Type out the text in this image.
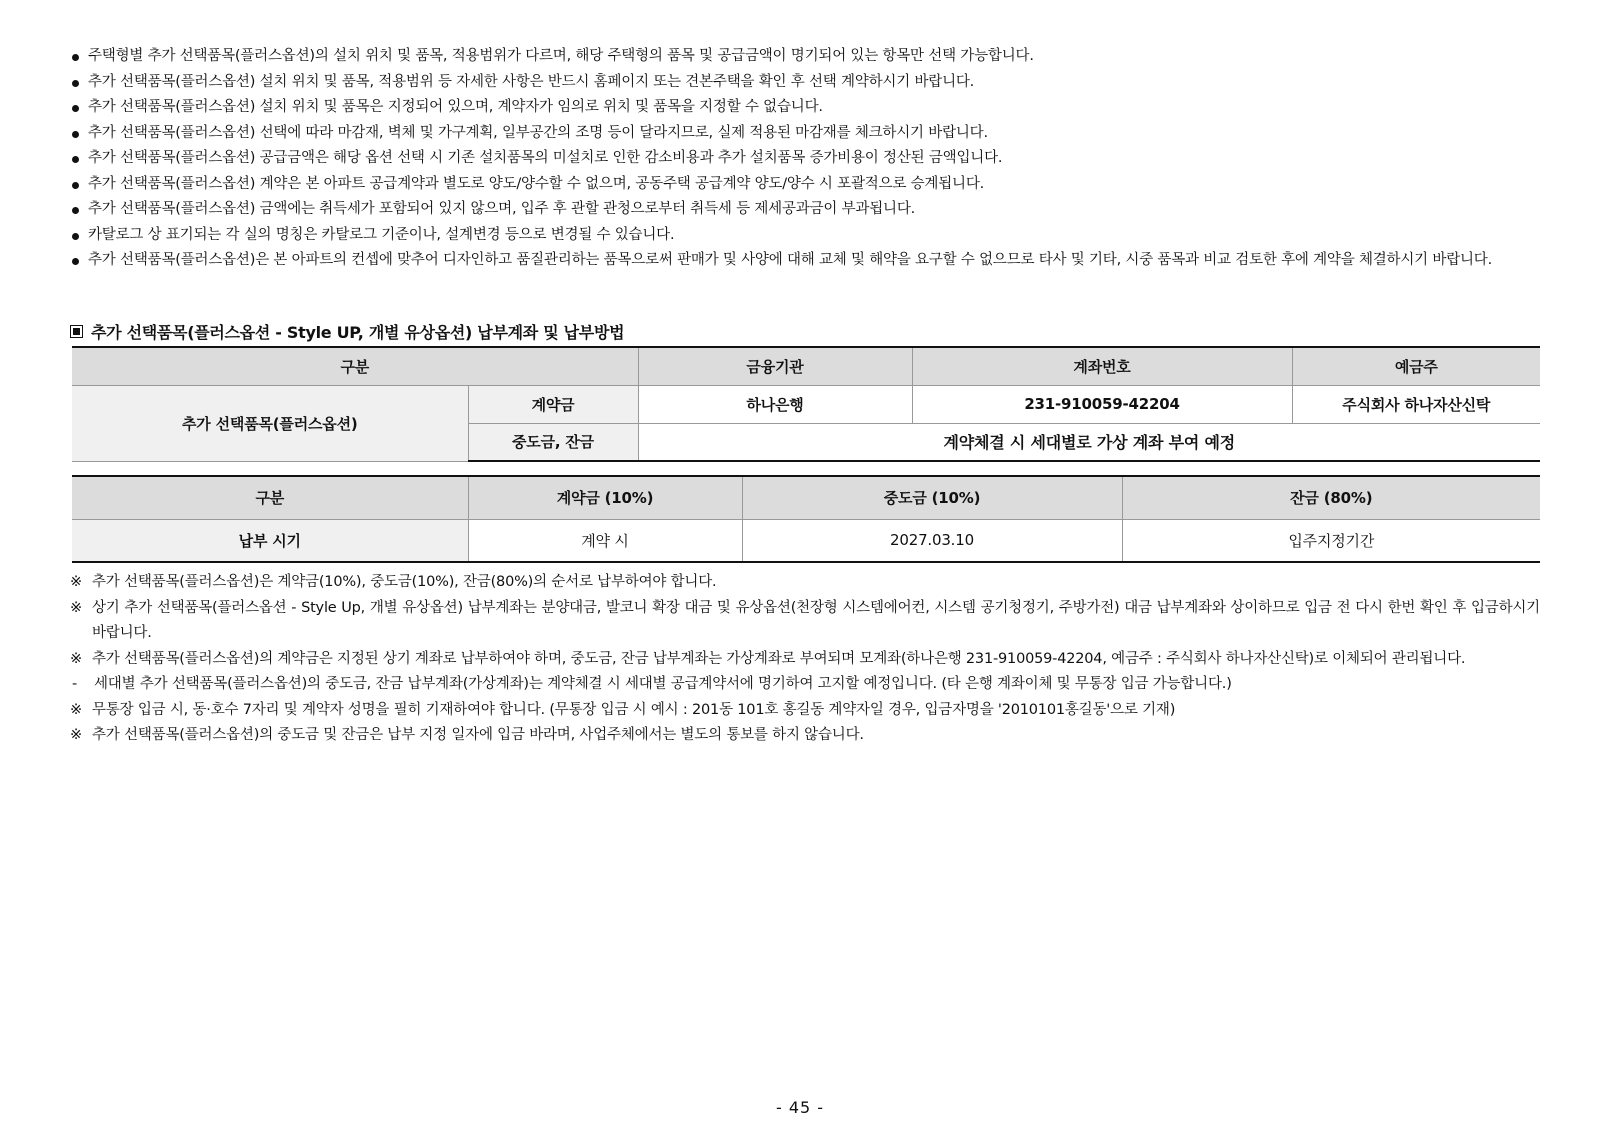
주택형별 추가 선택품목(플러스옵션)의 설치 위치 및 품목, 적용범위가 다르며, 해당 주택형의 품목 및 공급금액이 명기되어 있는 항목만 선택 가능합니다.
추가 선택품목(플러스옵션) 설치 위치 및 품목, 적용범위 등 자세한 사항은 반드시 홈페이지 또는 견본주택을 확인 후 선택 계약하시기 바랍니다.
추가 선택품목(플러스옵션) 설치 위치 및 품목은 지정되어 있으며, 계약자가 임의로 위치 및 품목을 지정할 수 없습니다.
추가 선택품목(플러스옵션) 선택에 따라 마감재, 벽체 및 가구계획, 일부공간의 조명 등이 달라지므로, 실제 적용된 마감재를 체크하시기 바랍니다.
추가 선택품목(플러스옵션) 공급금액은 해당 옵션 선택 시 기존 설치품목의 미설치로 인한 감소비용과 추가 설치품목 증가비용이 정산된 금액입니다.
추가 선택품목(플러스옵션) 계약은 본 아파트 공급계약과 별도로 양도/양수할 수 없으며, 공동주택 공급계약 양도/양수 시 포괄적으로 승계됩니다.
추가 선택품목(플러스옵션) 금액에는 취득세가 포함되어 있지 않으며, 입주 후 관할 관청으로부터 취득세 등 제세공과금이 부과됩니다.
카탈로그 상 표기되는 각 실의 명칭은 카탈로그 기준이나, 설계변경 등으로 변경될 수 있습니다.
추가 선택품목(플러스옵션)은 본 아파트의 컨셉에 맞추어 디자인하고 품질관리하는 품목으로써 판매가 및 사양에 대해 교체 및 해약을 요구할 수 없으므로 타사 및 기타, 시중 품목과 비교 검토한 후에 계약을 체결하시기 바랍니다.
추가 선택품목(플러스옵션 - Style UP, 개별 유상옵션) 납부계좌 및 납부방법
구분		금융기관	계좌번호	예금주
추가 선택품목(플러스옵션)	계약금	하나은행	231-910059-42204	주식회사 하나자산신탁
	중도금, 잔금	계약체결 시 세대별로 가상 계좌 부여 예정		
구분	계약금 (10%)	중도금 (10%)	잔금 (80%)
납부 시기	계약 시	2027.03.10	입주지정기간
※ 추가 선택품목(플러스옵션)은 계약금(10%), 중도금(10%), 잔금(80%)의 순서로 납부하여야 합니다.
※ 상기 추가 선택품목(플러스옵션 - Style Up, 개별 유상옵션) 납부계좌는 분양대금, 발코니 확장 대금 및 유상옵션(천장형 시스템에어컨, 시스템 공기청정기, 주방가전) 대금 납부계좌와 상이하므로 입금 전 다시 한번 확인 후 입금하시기 바랍니다.
※ 추가 선택품목(플러스옵션)의 계약금은 지정된 상기 계좌로 납부하여야 하며, 중도금, 잔금 납부계좌는 가상계좌로 부여되며 모계좌(하나은행 231-910059-42204, 예금주 : 주식회사 하나자산신탁)로 이체되어 관리됩니다.
- 세대별 추가 선택품목(플러스옵션)의 중도금, 잔금 납부계좌(가상계좌)는 계약체결 시 세대별 공급계약서에 명기하여 고지할 예정입니다. (타 은행 계좌이체 및 무통장 입금 가능합니다.)
※ 무통장 입금 시, 동·호수 7자리 및 계약자 성명을 필히 기재하여야 합니다. (무통장 입금 시 예시 : 201동 101호 홍길동 계약자일 경우, 입금자명을 '2010101홍길동'으로 기재)
※ 추가 선택품목(플러스옵션)의 중도금 및 잔금은 납부 지정 일자에 입금 바라며, 사업주체에서는 별도의 통보를 하지 않습니다.
- 45 -
